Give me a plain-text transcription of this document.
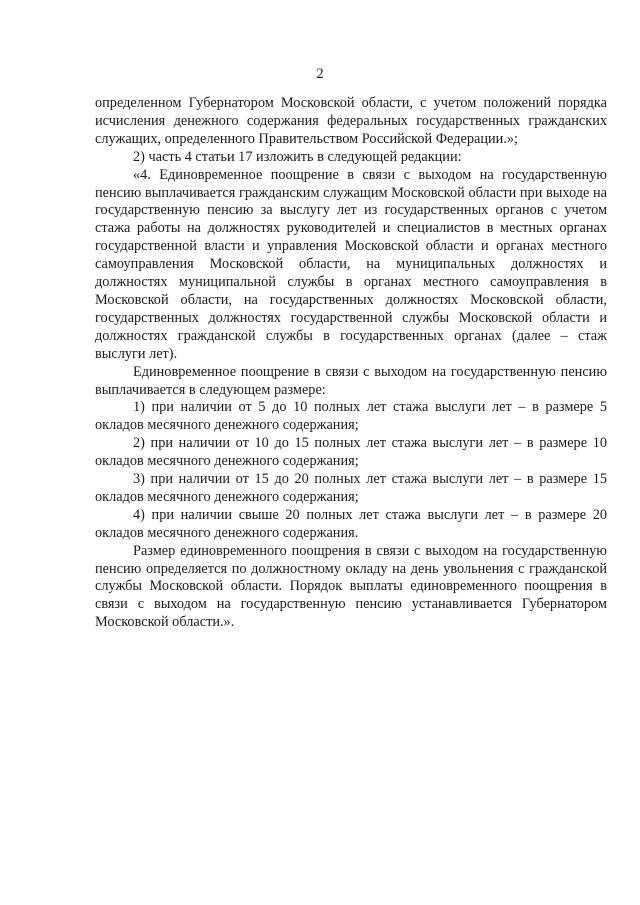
2

определенном Губернатором Московской области, с учетом положений порядка исчисления денежного содержания федеральных государственных гражданских служащих, определенного Правительством Российской Федерации.»;

2) часть 4 статьи 17 изложить в следующей редакции:

«4. Единовременное поощрение в связи с выходом на государственную пенсию выплачивается гражданским служащим Московской области при выходе на государственную пенсию за выслугу лет из государственных органов с учетом стажа работы на должностях руководителей и специалистов в местных органах государственной власти и управления Московской области и органах местного самоуправления Московской области, на муниципальных должностях и должностях муниципальной службы в органах местного самоуправления в Московской области, на государственных должностях Московской области, государственных должностях государственной службы Московской области и должностях гражданской службы в государственных органах (далее – стаж выслуги лет).

Единовременное поощрение в связи с выходом на государственную пенсию выплачивается в следующем размере:

1) при наличии от 5 до 10 полных лет стажа выслуги лет – в размере 5 окладов месячного денежного содержания;

2) при наличии от 10 до 15 полных лет стажа выслуги лет – в размере 10 окладов месячного денежного содержания;

3) при наличии от 15 до 20 полных лет стажа выслуги лет – в размере 15 окладов месячного денежного содержания;

4) при наличии свыше 20 полных лет стажа выслуги лет – в размере 20 окладов месячного денежного содержания.

Размер единовременного поощрения в связи с выходом на государственную пенсию определяется по должностному окладу на день увольнения с гражданской службы Московской области. Порядок выплаты единовременного поощрения в связи с выходом на государственную пенсию устанавливается Губернатором Московской области.».
